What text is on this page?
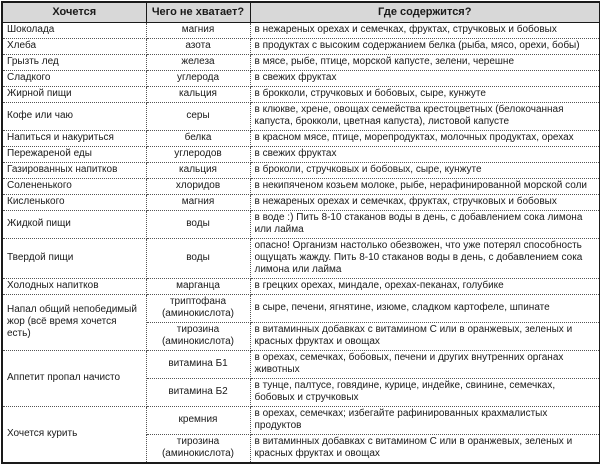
Хочется	Чего не хватает?	Где содержится?
Шоколада	магния	в нежареных орехах и семечках, фруктах, стручковых и бобовых
Хлеба	азота	в продуктах с высоким содержанием белка (рыба, мясо, орехи, бобы)
Грызть лед	железа	в мясе, рыбе, птице, морской капусте, зелени, черешне
Сладкого	углерода	в свежих фруктах
Жирной пищи	кальция	в брокколи, стручковых и бобовых, сыре, кунжуте
Кофе или чаю	серы	в клюкве, хрене, овощах семейства крестоцветных (белокочанная капуста, брокколи, цветная капуста), листовой капусте
Напиться и накуриться	белка	в красном мясе, птице, морепродуктах, молочных продуктах, орехах
Пережареной еды	углеродов	в свежих фруктах
Газированных напитков	кальция	в броколи, стручковых и бобовых, сыре, кунжуте
Солененького	хлоридов	в некипяченом козьем молоке, рыбе, нерафинированной морской соли
Кисленького	магния	в нежареных орехах и семечках, фруктах, стручковых и бобовых
Жидкой пищи	воды	в воде :) Пить 8-10 стаканов воды в день, с добавлением сока лимона или лайма
Твердой пищи	воды	опасно! Организм настолько обезвожен, что уже потерял способность ощущать жажду. Пить 8-10 стаканов воды в день, с добавлением сока лимона или лайма
Холодных напитков	марганца	в грецких орехах, миндале, орехах-пеканах, голубике
Напал общий непобедимый жор (всё время хочется есть)	триптофана (аминокислота)	в сыре, печени, ягнятине, изюме, сладком картофеле, шпинате
	тирозина (аминокислота)	в витаминных добавках с витамином С или в оранжевых, зеленых и красных фруктах и овощах
Аппетит пропал начисто	витамина Б1	в орехах, семечках, бобовых, печени и других внутренних органах животных
	витамина Б2	в тунце, палтусе, говядине, курице, индейке, свинине, семечках, бобовых и стручковых
Хочется курить	кремния	в орехах, семечках; избегайте рафинированных крахмалистых продуктов
	тирозина (аминокислота)	в витаминных добавках с витамином С или в оранжевых, зеленых и красных фруктах и овощах
